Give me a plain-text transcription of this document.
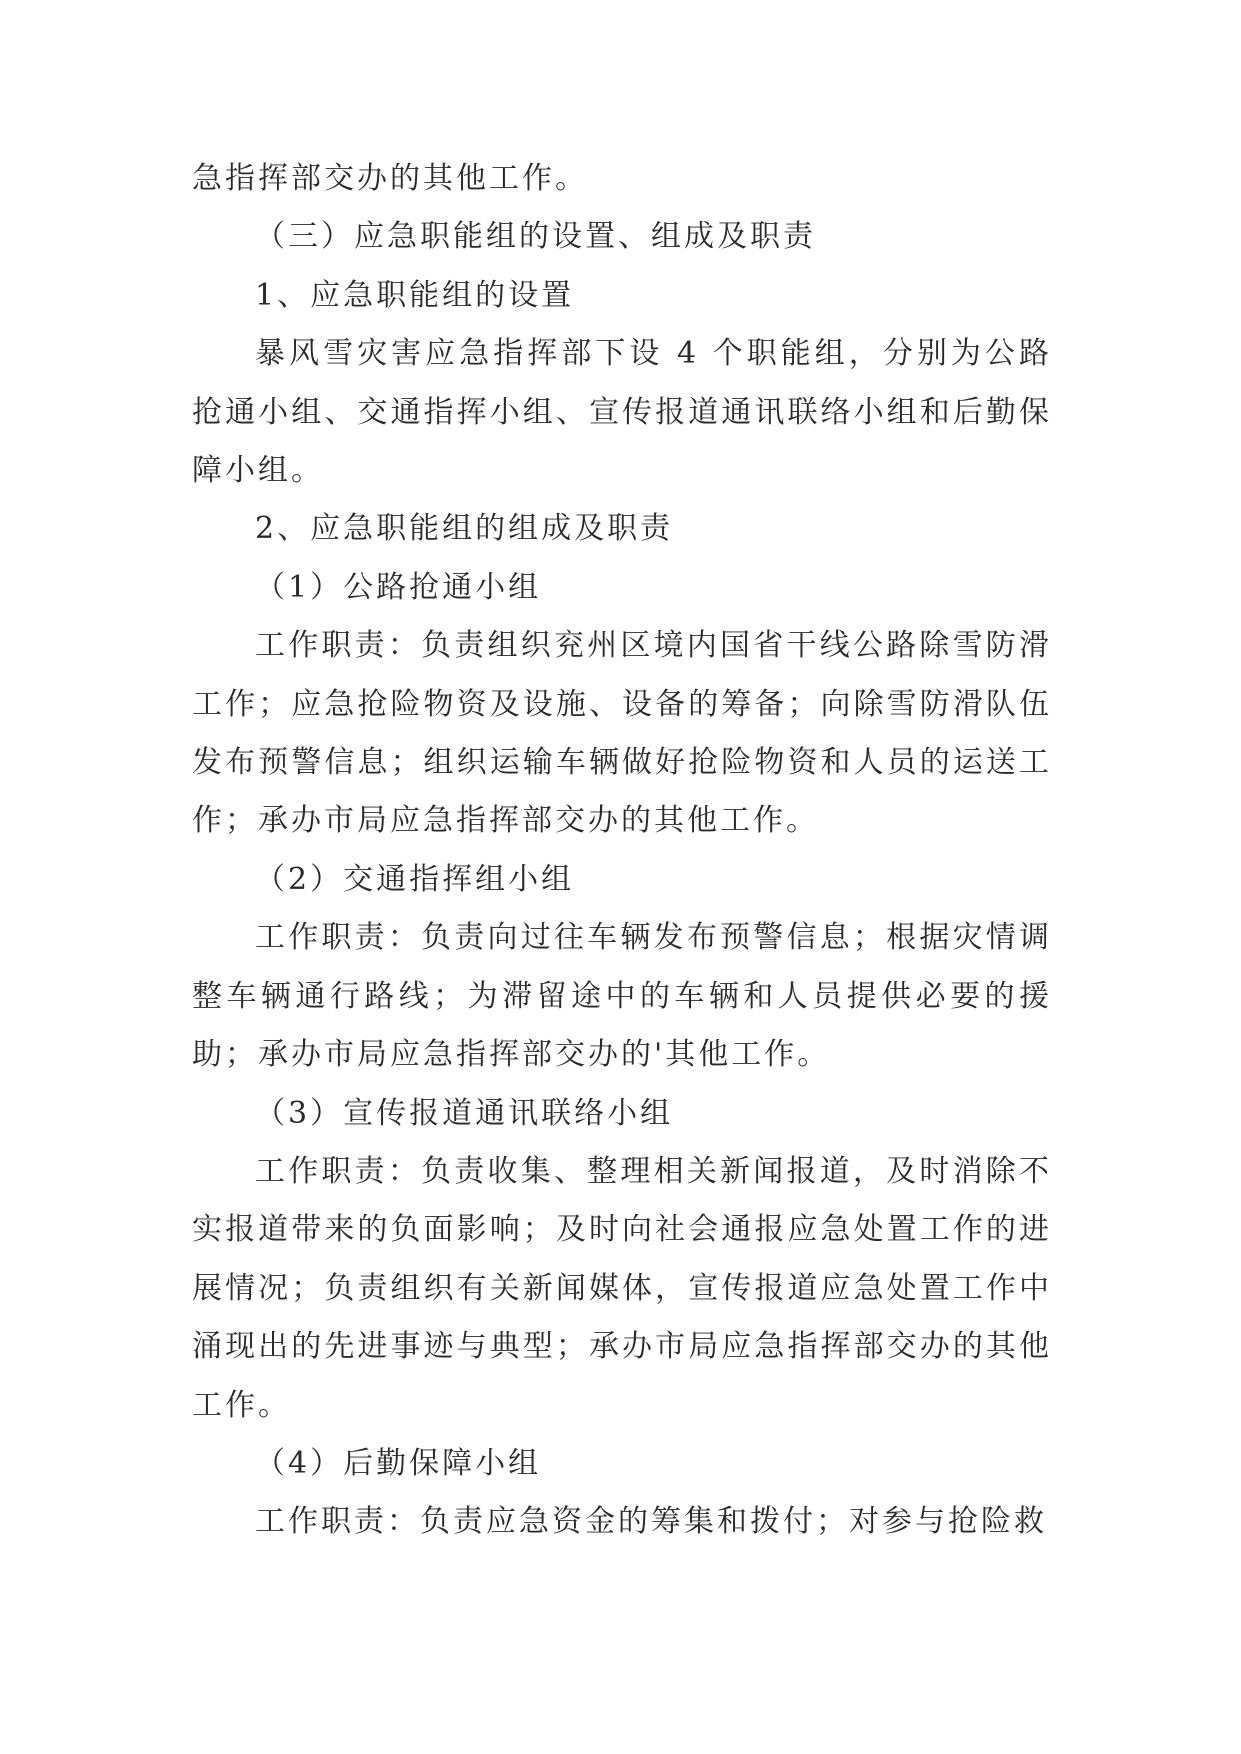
急指挥部交办的其他工作。

（三）应急职能组的设置、组成及职责

1、应急职能组的设置

暴风雪灾害应急指挥部下设 4 个职能组，分别为公路抢通小组、交通指挥小组、宣传报道通讯联络小组和后勤保障小组。

2、应急职能组的组成及职责

（1）公路抢通小组

工作职责：负责组织兖州区境内国省干线公路除雪防滑工作；应急抢险物资及设施、设备的筹备；向除雪防滑队伍发布预警信息；组织运输车辆做好抢险物资和人员的运送工作；承办市局应急指挥部交办的其他工作。

（2）交通指挥组小组

工作职责：负责向过往车辆发布预警信息；根据灾情调整车辆通行路线；为滞留途中的车辆和人员提供必要的援助；承办市局应急指挥部交办的'其他工作。

（3）宣传报道通讯联络小组

工作职责：负责收集、整理相关新闻报道，及时消除不实报道带来的负面影响；及时向社会通报应急处置工作的进展情况；负责组织有关新闻媒体，宣传报道应急处置工作中涌现出的先进事迹与典型；承办市局应急指挥部交办的其他工作。

（4）后勤保障小组

工作职责：负责应急资金的筹集和拨付；对参与抢险救
